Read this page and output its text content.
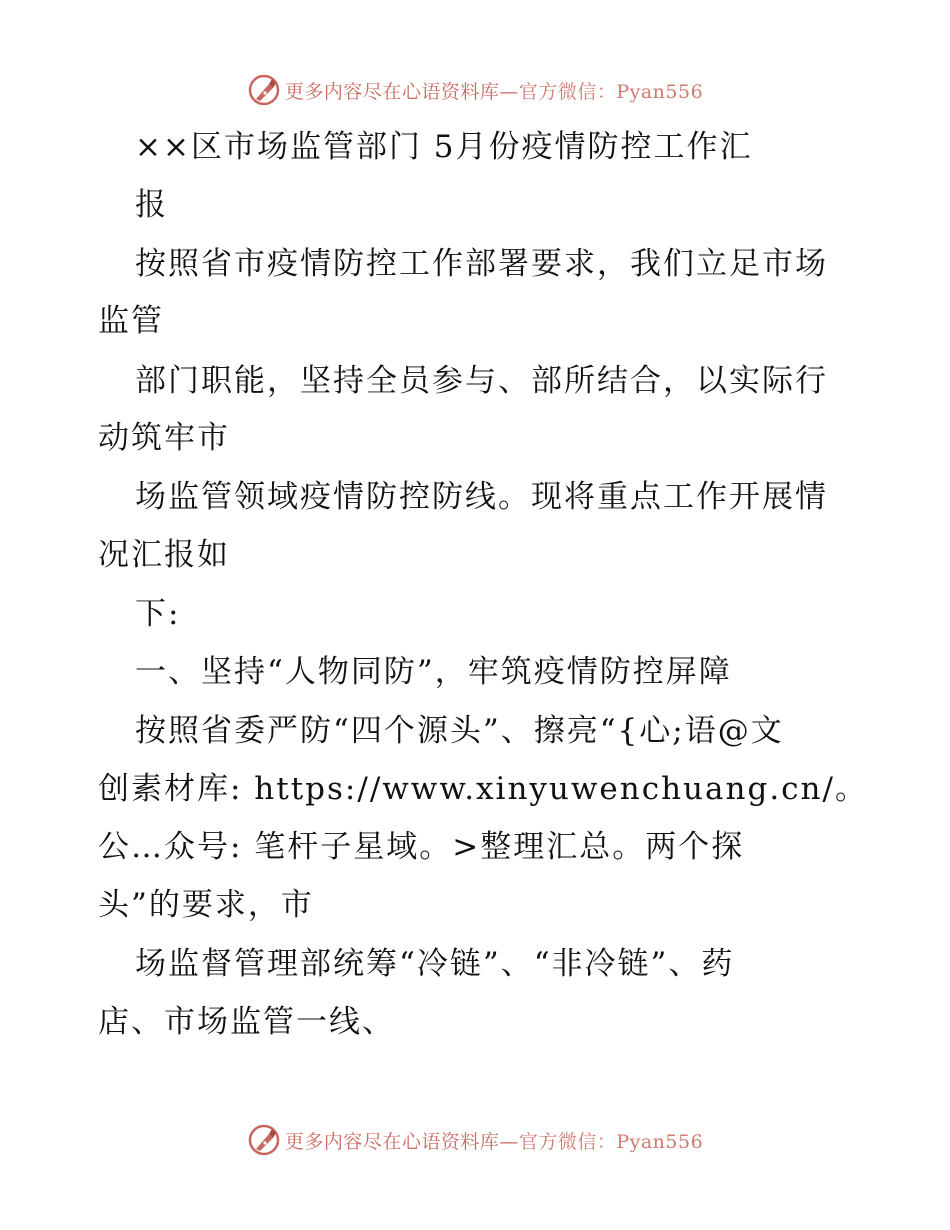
更多内容尽在心语资料库— 官方微信：Pyan556
××区市场监管部门 5月份疫情防控工作汇
报
按照省市疫情防控工作部署要求，我们立足市场
监管
部门职能，坚持全员参与、部所结合，以实际行
动筑牢市
场监管领域疫情防控防线。现将重点工作开展情
况汇报如
下:
一、坚持“人物同防”，牢筑疫情防控屏障
按照省委严防“四个源头”、擦亮“{心;语@文
创素材库: https://www.xinyuwenchuang.cn/。
公…众号: 笔杆子星域。>整理汇总。两个探
头”的要求，市
场监督管理部统筹“冷链”、“非冷链”、药
店、市场监管一线、
更多内容尽在心语资料库— 官方微信：Pyan556
